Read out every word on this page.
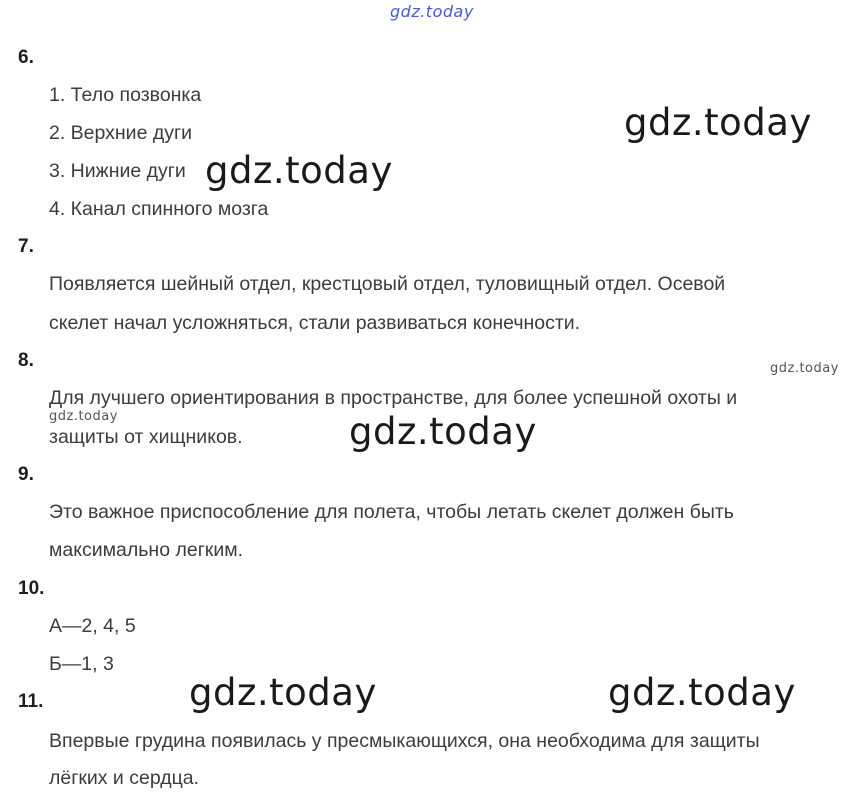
gdz.today
6.
1. Тело позвонка
2. Верхние дуги
3. Нижние дуги
4. Канал спинного мозга
7.
Появляется шейный отдел, крестцовый отдел, туловищный отдел. Осевой
скелет начал усложняться, стали развиваться конечности.
8.
Для лучшего ориентирования в пространстве, для более успешной охоты и
защиты от хищников.
9.
Это важное приспособление для полета, чтобы летать скелет должен быть
максимально легким.
10.
А—2, 4, 5
Б—1, 3
11.
Впервые грудина появилась у пресмыкающихся, она необходима для защиты
лёгких и сердца.
gdz.today
gdz.today
gdz.today
gdz.today	gdz.today
gdz.today	gdz.today
